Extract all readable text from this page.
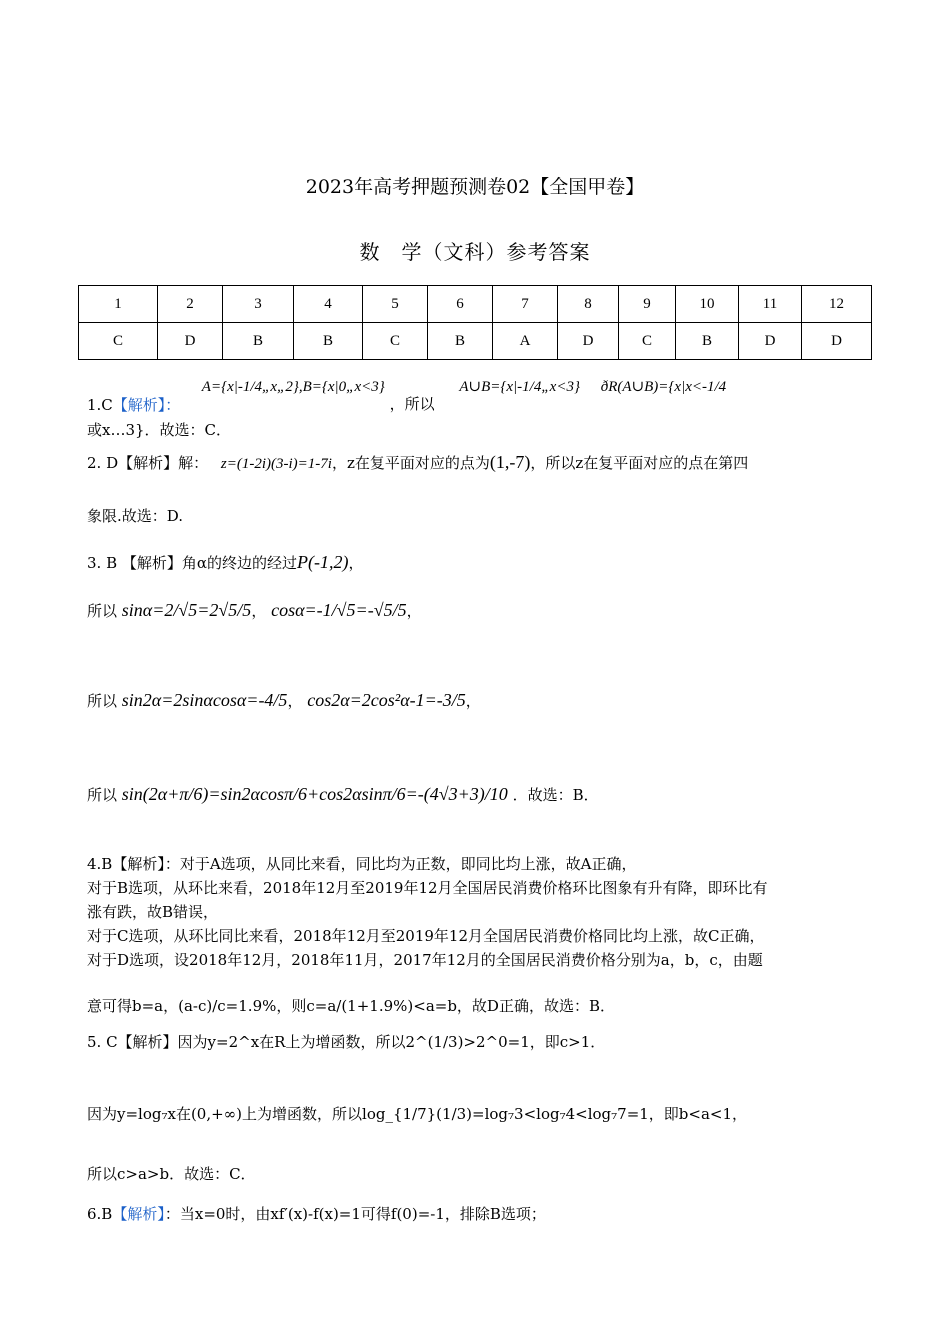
2023年高考押题预测卷02【全国甲卷】
数　学（文科）参考答案
1	2	3	4	5	6	7	8	9	10	11	12
C	D	B	B	C	B	A	D	C	B	D	D
1.C【解析】： A={x|-1/4„x„2},B={x|0„x<3} ，所以 A∪B={x|-1/4„x<3} ðR(A∪B)={x|x<-1/4
或x…3}．故选：C．
2. D【解析】解： z=(1-2i)(3-i)=1-7i，z在复平面对应的点为(1,-7)，所以z在复平面对应的点在第四
象限.故选：D.
3. B 【解析】角α的终边的经过P(-1,2)，
所以 sinα=2/√5=2√5/5， cosα=-1/√5=-√5/5，
所以 sin2α=2sinαcosα=-4/5， cos2α=2cos²α-1=-3/5，
所以 sin(2α+π/6)=sin2αcosπ/6+cos2αsinπ/6=-(4√3+3)/10 ．故选：B．
4.B【解析】：对于A选项，从同比来看，同比均为正数，即同比均上涨，故A正确，
对于B选项，从环比来看，2018年12月至2019年12月全国居民消费价格环比图象有升有降，即环比有
涨有跌，故B错误，
对于C选项，从环比同比来看，2018年12月至2019年12月全国居民消费价格同比均上涨，故C正确，
对于D选项，设2018年12月，2018年11月，2017年12月的全国居民消费价格分别为a，b，c，由题
意可得b=a，(a-c)/c=1.9%，则c=a/(1+1.9%)<a=b，故D正确，故选：B．
5. C【解析】因为y=2^x在R上为增函数，所以2^(1/3)>2^0=1，即c>1．
因为y=log₇x在(0,+∞)上为增函数，所以log_{1/7}(1/3)=log₇3<log₇4<log₇7=1，即b<a<1，
所以c>a>b．故选：C．
6.B【解析】：当x=0时，由xf′(x)-f(x)=1可得f(0)=-1，排除B选项；
